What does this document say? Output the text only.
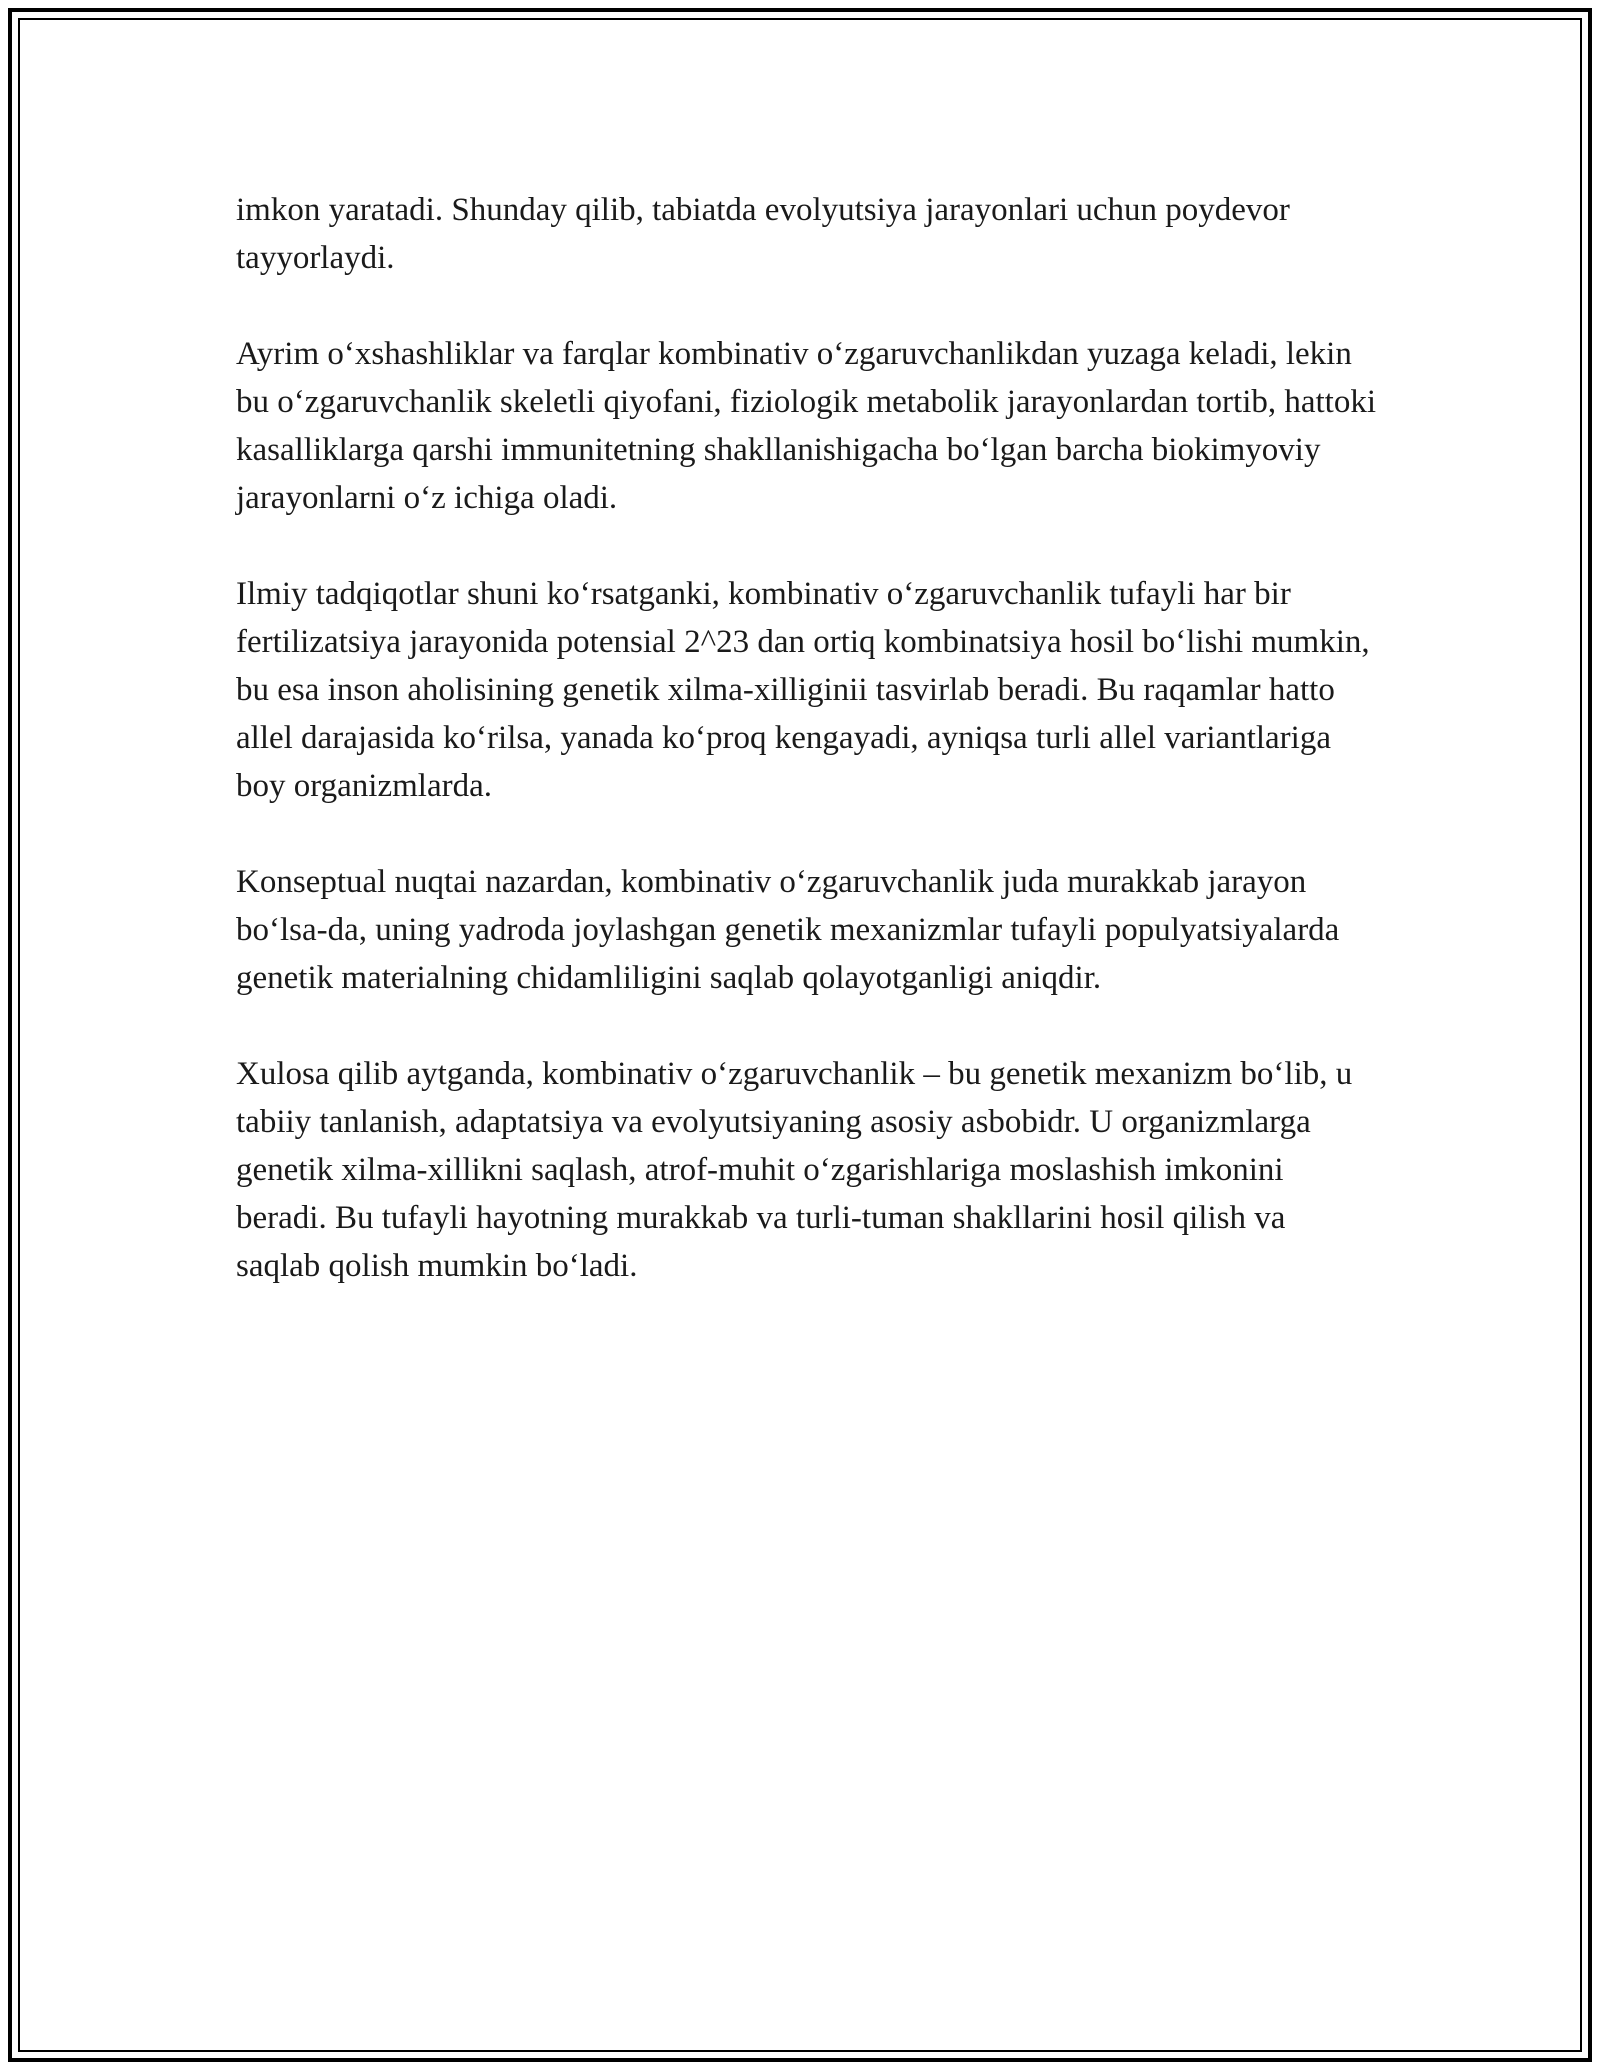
imkon yaratadi. Shunday qilib, tabiatda evolyutsiya jarayonlari uchun poydevor tayyorlaydi.

Ayrim o‘xshashliklar va farqlar kombinativ o‘zgaruvchanlikdan yuzaga keladi, lekin bu o‘zgaruvchanlik skeletli qiyofani, fiziologik metabolik jarayonlardan tortib, hattoki kasalliklarga qarshi immunitetning shakllanishigacha bo‘lgan barcha biokimyoviy jarayonlarni o‘z ichiga oladi.

Ilmiy tadqiqotlar shuni ko‘rsatganki, kombinativ o‘zgaruvchanlik tufayli har bir fertilizatsiya jarayonida potensial 2^23 dan ortiq kombinatsiya hosil bo‘lishi mumkin, bu esa inson aholisining genetik xilma-xilliginii tasvirlab beradi. Bu raqamlar hatto allel darajasida ko‘rilsa, yanada ko‘proq kengayadi, ayniqsa turli allel variantlariga boy organizmlarda.

Konseptual nuqtai nazardan, kombinativ o‘zgaruvchanlik juda murakkab jarayon bo‘lsa-da, uning yadroda joylashgan genetik mexanizmlar tufayli populyatsiyalarda genetik materialning chidamliligini saqlab qolayotganligi aniqdir.

Xulosa qilib aytganda, kombinativ o‘zgaruvchanlik – bu genetik mexanizm bo‘lib, u tabiiy tanlanish, adaptatsiya va evolyutsiyaning asosiy asbobidr. U organizmlarga genetik xilma-xillikni saqlash, atrof-muhit o‘zgarishlariga moslashish imkonini beradi. Bu tufayli hayotning murakkab va turli-tuman shakllarini hosil qilish va saqlab qolish mumkin bo‘ladi.
